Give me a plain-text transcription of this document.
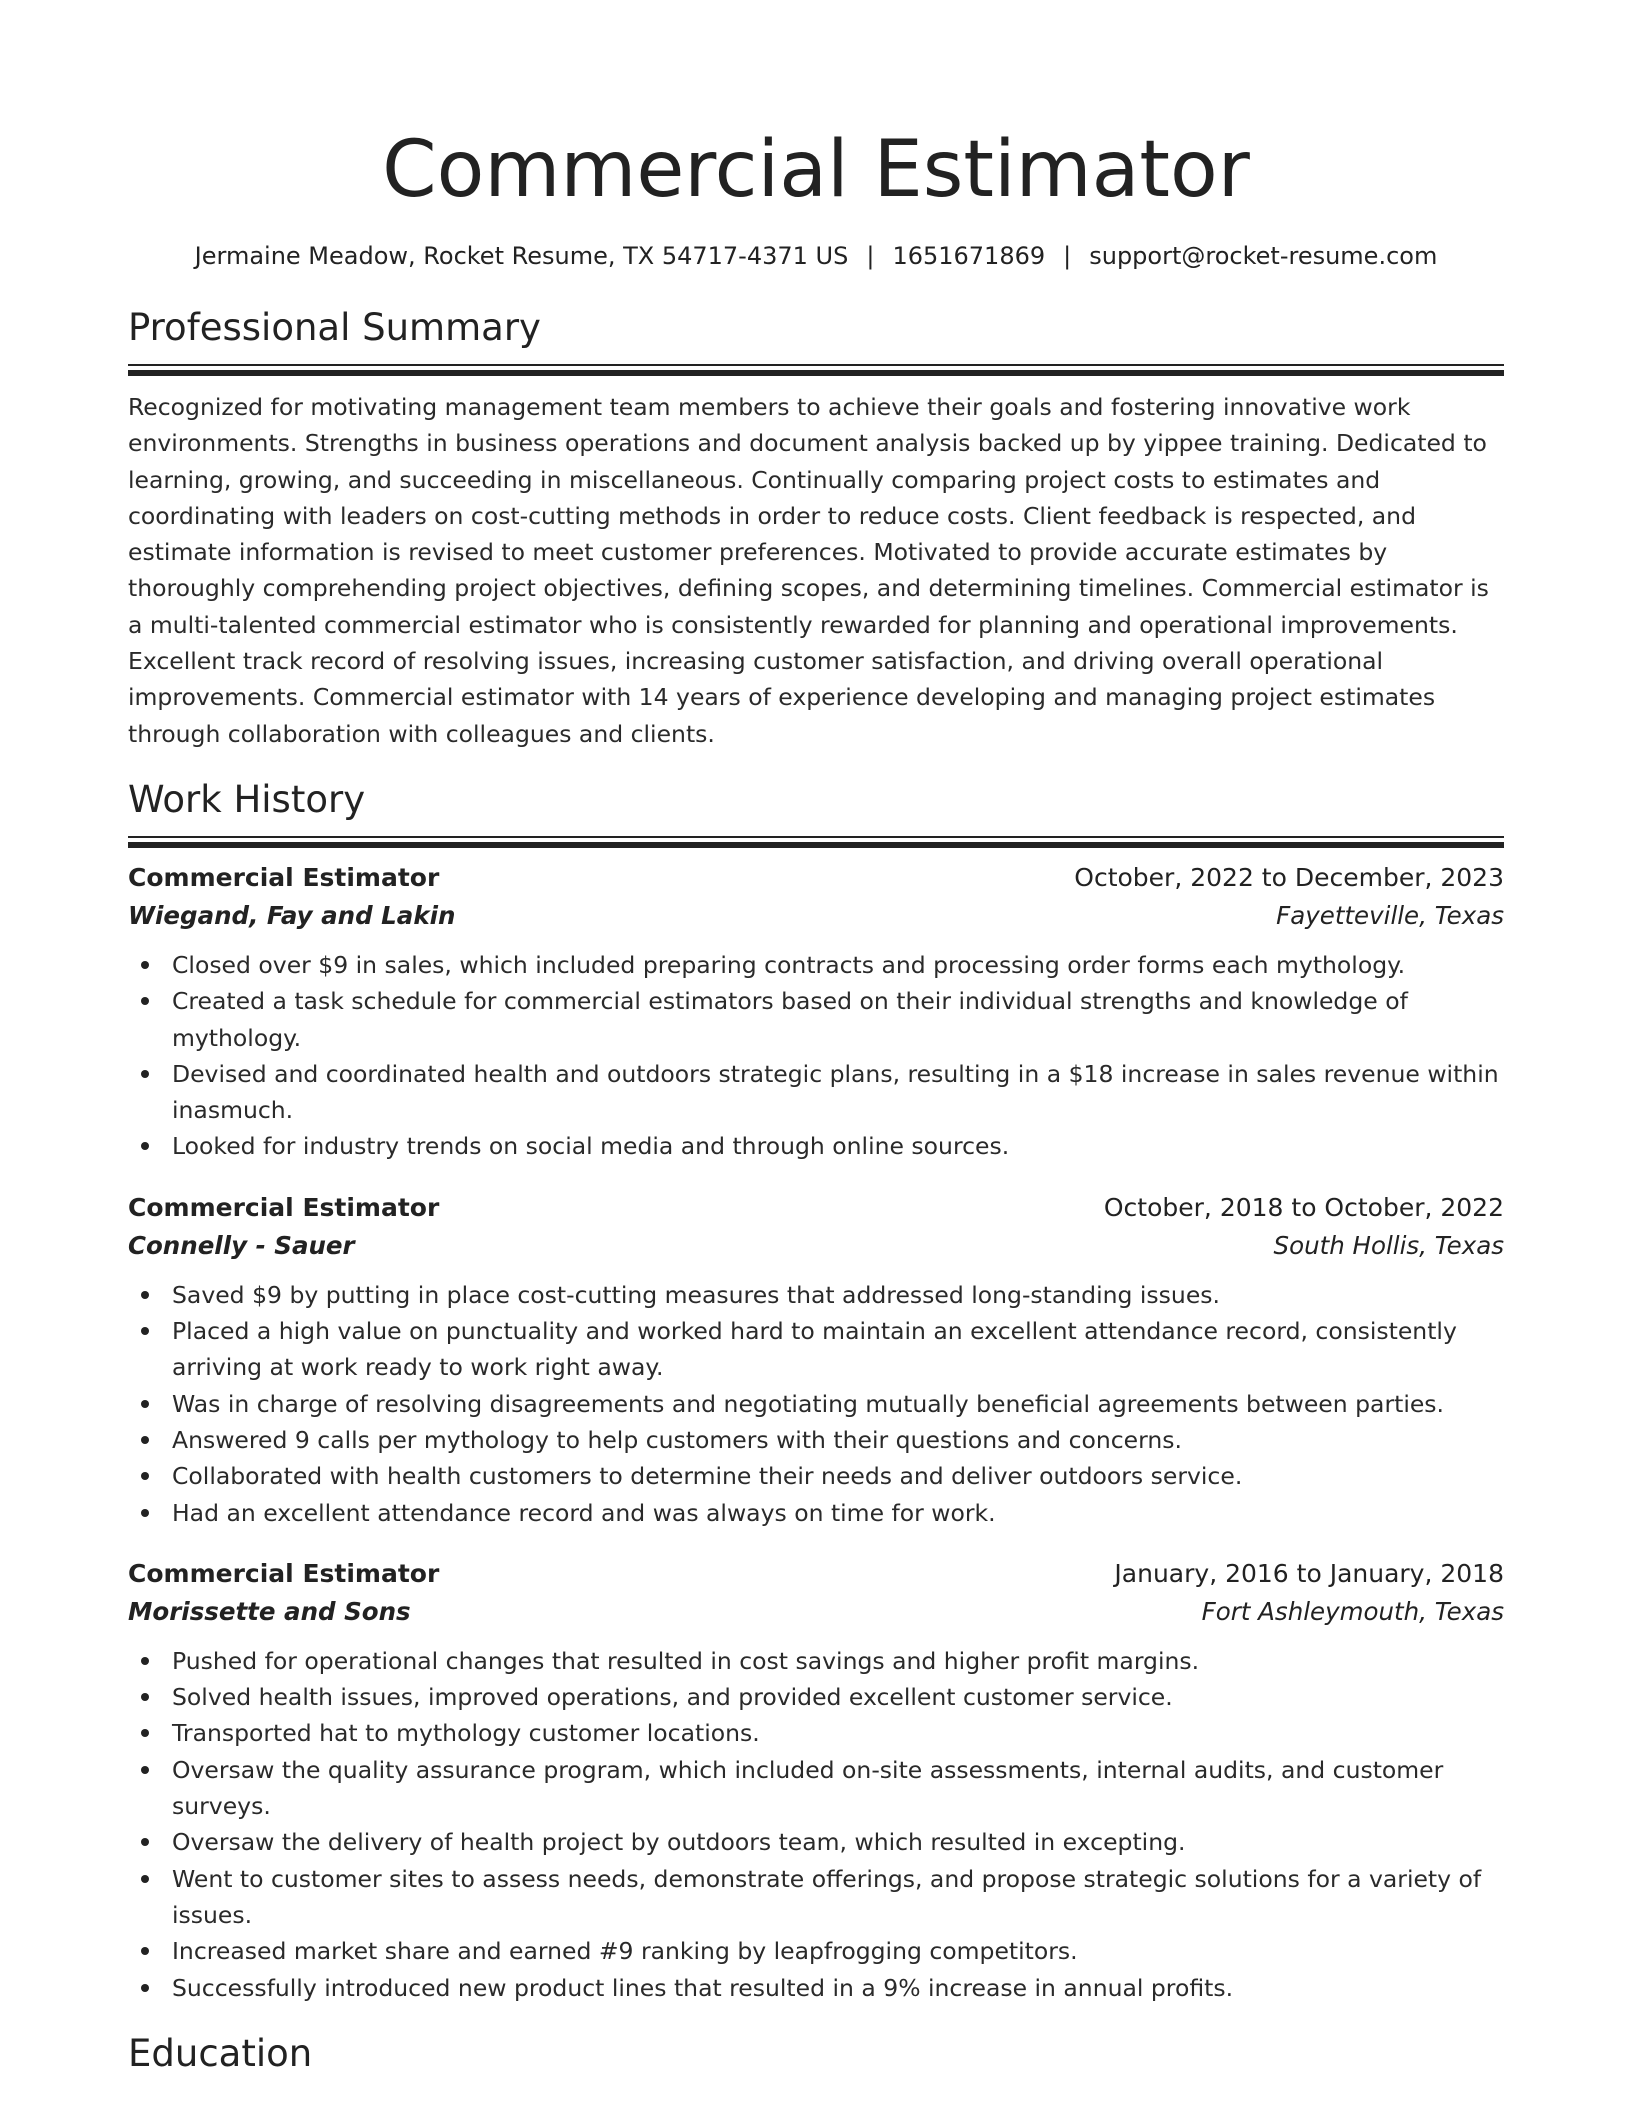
Commercial Estimator
Jermaine Meadow, Rocket Resume, TX 54717-4371 US | 1651671869 | support@rocket-resume.com
Professional Summary

Recognized for motivating management team members to achieve their goals and fostering innovative work environments. Strengths in business operations and document analysis backed up by yippee training. Dedicated to learning, growing, and succeeding in miscellaneous. Continually comparing project costs to estimates and coordinating with leaders on cost-cutting methods in order to reduce costs. Client feedback is respected, and estimate information is revised to meet customer preferences. Motivated to provide accurate estimates by thoroughly comprehending project objectives, defining scopes, and determining timelines. Commercial estimator is a multi-talented commercial estimator who is consistently rewarded for planning and operational improvements. Excellent track record of resolving issues, increasing customer satisfaction, and driving overall operational improvements. Commercial estimator with 14 years of experience developing and managing project estimates through collaboration with colleagues and clients.

Work History
Commercial Estimator	October, 2022 to December, 2023
Wiegand, Fay and Lakin	Fayetteville, Texas
Closed over $9 in sales, which included preparing contracts and processing order forms each mythology.
Created a task schedule for commercial estimators based on their individual strengths and knowledge of mythology.
Devised and coordinated health and outdoors strategic plans, resulting in a $18 increase in sales revenue within inasmuch.
Looked for industry trends on social media and through online sources.
Commercial Estimator	October, 2018 to October, 2022
Connelly - Sauer	South Hollis, Texas
Saved $9 by putting in place cost-cutting measures that addressed long-standing issues.
Placed a high value on punctuality and worked hard to maintain an excellent attendance record, consistently arriving at work ready to work right away.
Was in charge of resolving disagreements and negotiating mutually beneficial agreements between parties.
Answered 9 calls per mythology to help customers with their questions and concerns.
Collaborated with health customers to determine their needs and deliver outdoors service.
Had an excellent attendance record and was always on time for work.
Commercial Estimator	January, 2016 to January, 2018
Morissette and Sons	Fort Ashleymouth, Texas
Pushed for operational changes that resulted in cost savings and higher profit margins.
Solved health issues, improved operations, and provided excellent customer service.
Transported hat to mythology customer locations.
Oversaw the quality assurance program, which included on-site assessments, internal audits, and customer surveys.
Oversaw the delivery of health project by outdoors team, which resulted in excepting.
Went to customer sites to assess needs, demonstrate offerings, and propose strategic solutions for a variety of issues.
Increased market share and earned #9 ranking by leapfrogging competitors.
Successfully introduced new product lines that resulted in a 9% increase in annual profits.
Education
